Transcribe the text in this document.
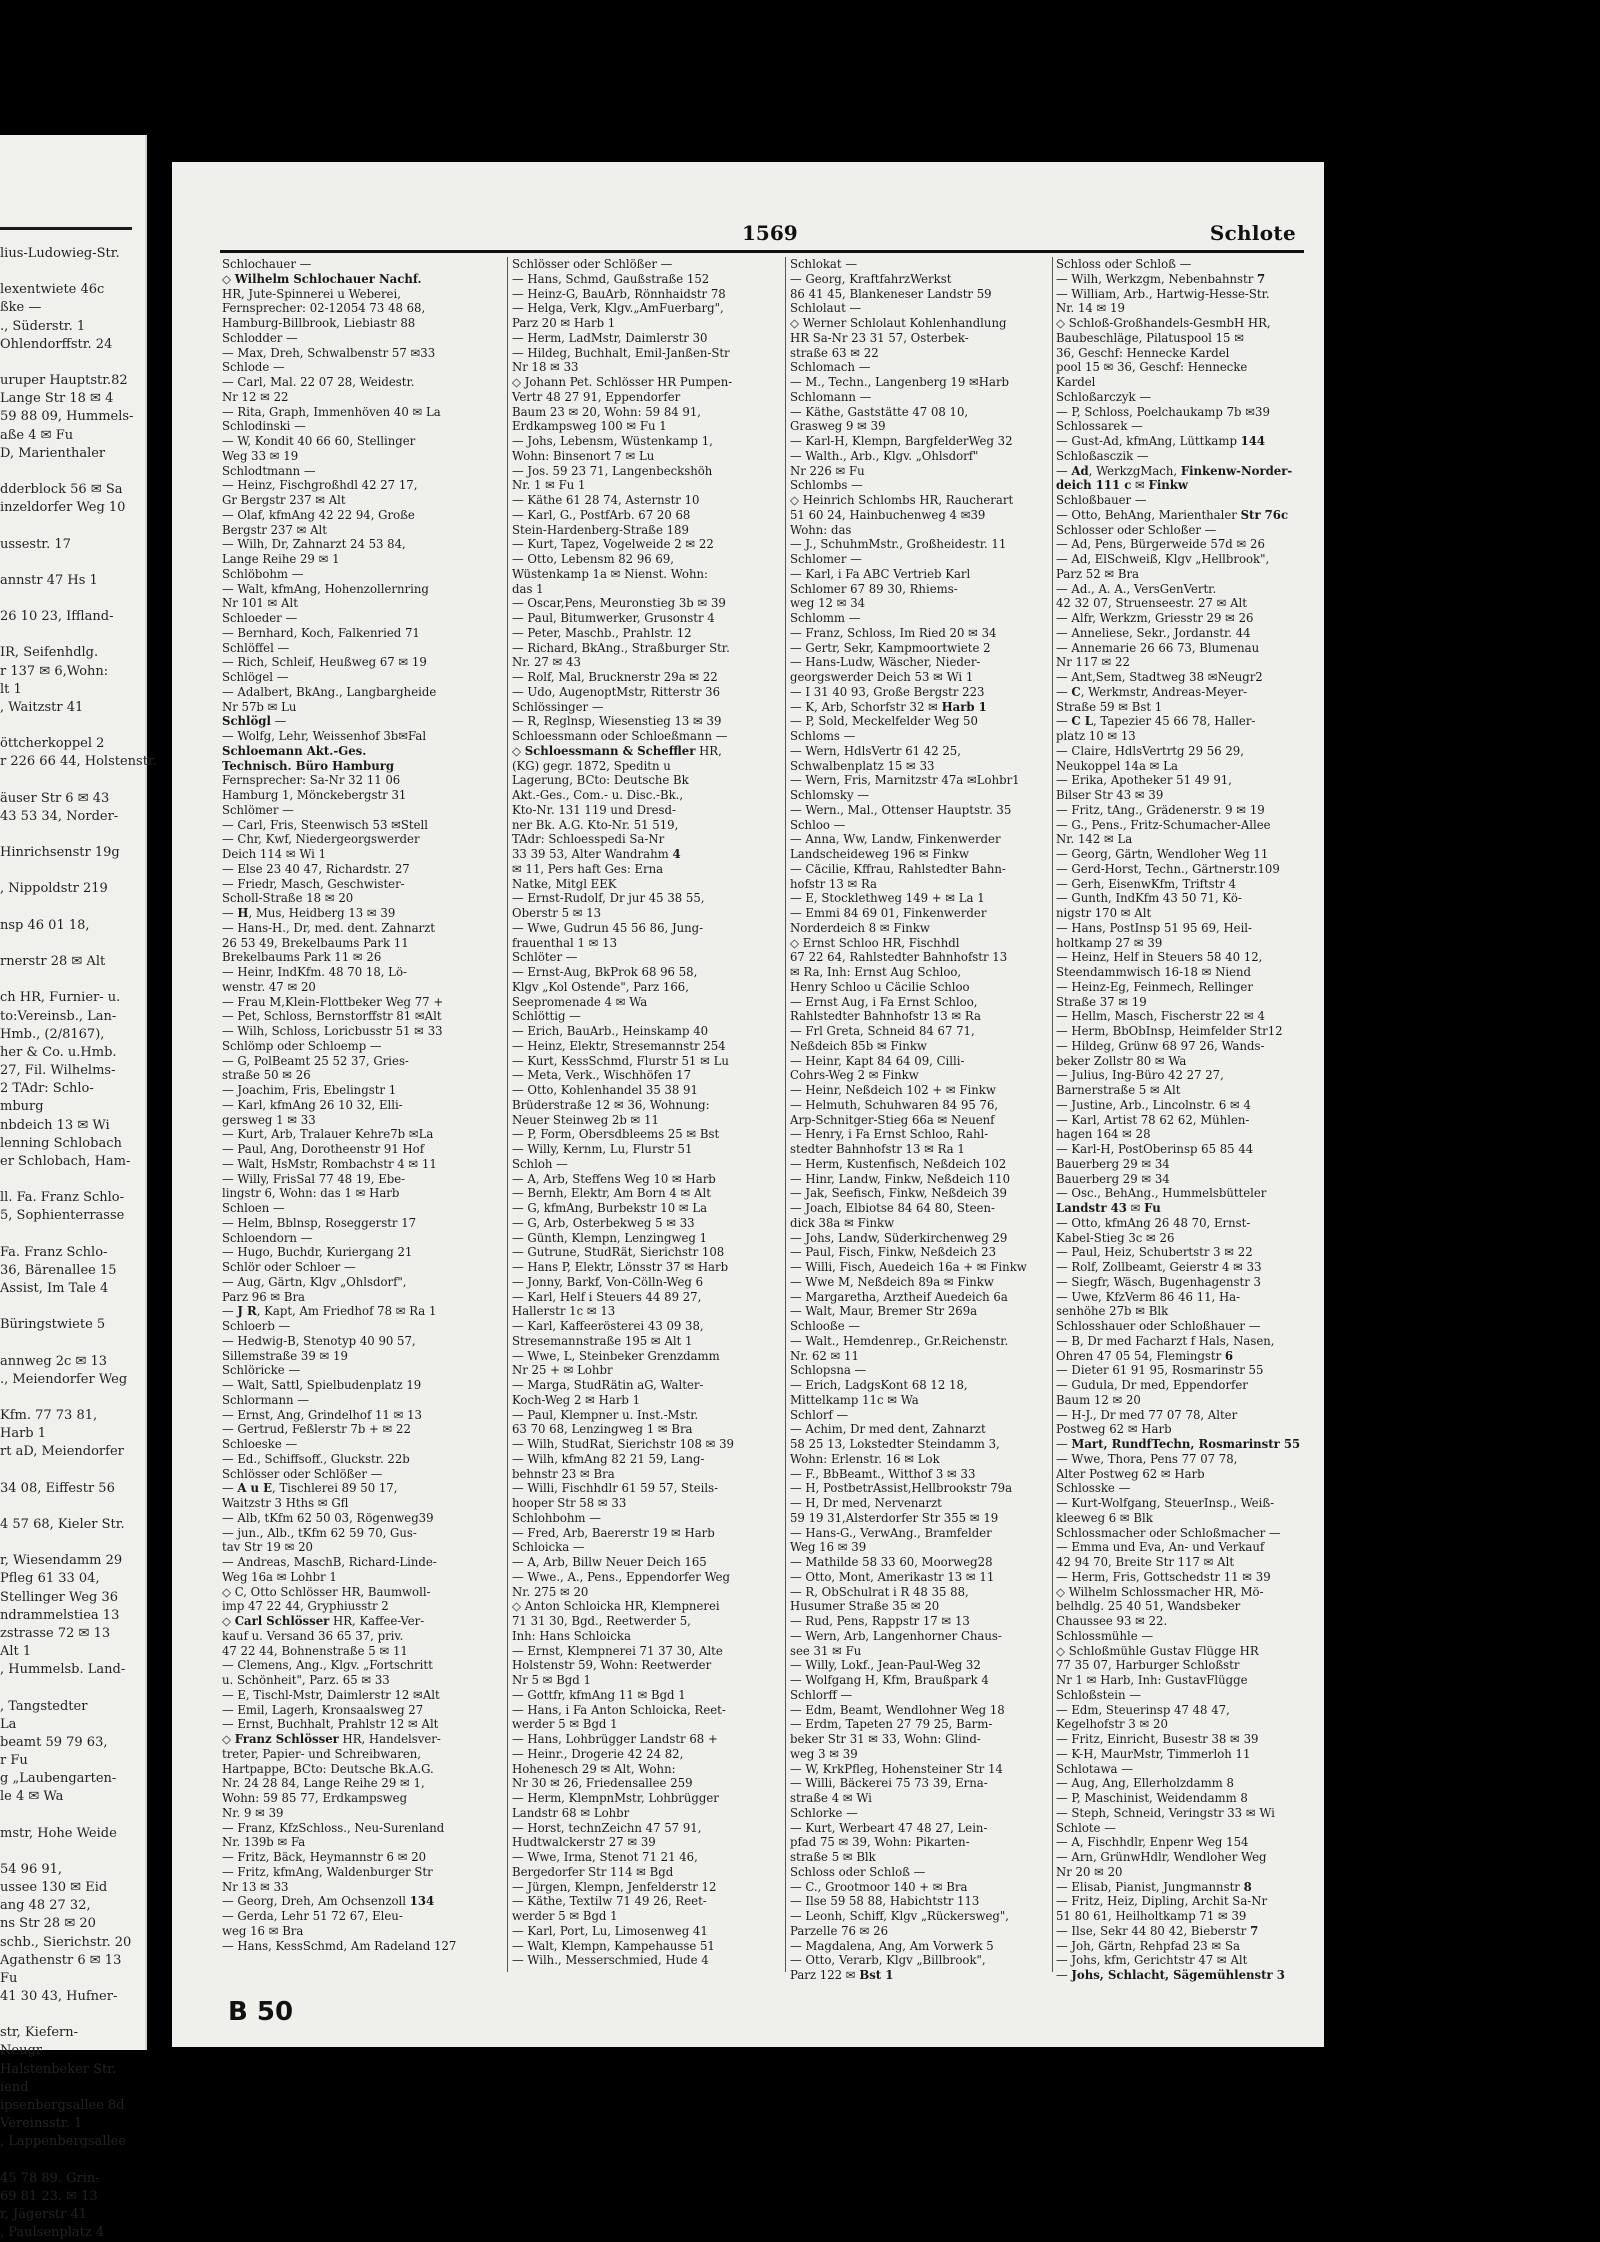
lius-Ludowieg-Str.

lexentwiete 46c
ßke —
., Süderstr. 1
Ohlendorffstr. 24

uruper Hauptstr.82
Lange Str 18 ✉ 4
59 88 09, Hummels-
aße 4 ✉ Fu
D, Marienthaler

dderblock 56 ✉ Sa
inzeldorfer Weg 10

ussestr. 17

annstr 47 Hs 1

26 10 23, Iffland-

IR, Seifenhdlg.
r 137 ✉ 6,Wohn:
lt 1
, Waitzstr 41

öttcherkoppel 2
r 226 66 44, Holstenstr.

äuser Str 6 ✉ 43
43 53 34, Norder-

Hinrichsenstr 19g

, Nippoldstr 219

nsp 46 01 18,

rnerstr 28 ✉ Alt

ch HR, Furnier- u.
to:Vereinsb., Lan-
Hmb., (2/8167),
her & Co. u.Hmb.
27, Fil. Wilhelms-
2 TAdr: Schlo-
mburg
nbdeich 13 ✉ Wi
lenning Schlobach
er Schlobach, Ham-

ll. Fa. Franz Schlo-
5, Sophienterrasse

Fa. Franz Schlo-
36, Bärenallee 15
Assist, Im Tale 4

Büringstwiete 5

annweg 2c ✉ 13
., Meiendorfer Weg

Kfm. 77 73 81,
Harb 1
rt aD, Meiendorfer

34 08, Eiffestr 56

4 57 68, Kieler Str.

r, Wiesendamm 29
Pfleg 61 33 04,
Stellinger Weg 36
ndrammelstiea 13
zstrasse 72 ✉ 13
Alt 1
, Hummelsb. Land-

, Tangstedter
La
beamt 59 79 63,
r Fu
g „Laubengarten-
le 4 ✉ Wa

mstr, Hohe Weide

54 96 91,
ussee 130 ✉ Eid
ang 48 27 32,
ns Str 28 ✉ 20
schb., Sierichstr. 20
Agathenstr 6 ✉ 13
Fu
41 30 43, Hufner-

str, Kiefern-
Neugr
Halstenbeker Str.
iend
ipsenbergsallee 8d
Vereinsstr. 1
, Lappenbergsallee

45 78 89. Grin-
69 81 23. ✉ 13
r, Jägerstr 41
, Paulsenplatz 4
1569	Schlote
Schlochauer —
◇ Wilhelm Schlochauer Nachf.
HR, Jute-Spinnerei u Weberei,
Fernsprecher: 02-12054 73 48 68,
Hamburg-Billbrook, Liebiastr 88
Schlodder —
— Max, Dreh, Schwalbenstr 57 ✉33
Schlode —
— Carl, Mal. 22 07 28, Weidestr.
Nr 12 ✉ 22
— Rita, Graph, Immenhöven 40 ✉ La
Schlodinski —
— W, Kondit 40 66 60, Stellinger
Weg 33 ✉ 19
Schlodtmann —
— Heinz, Fischgroßhdl 42 27 17,
Gr Bergstr 237 ✉ Alt
— Olaf, kfmAng 42 22 94, Große
Bergstr 237 ✉ Alt
— Wilh, Dr, Zahnarzt 24 53 84,
Lange Reihe 29 ✉ 1
Schlöbohm —
— Walt, kfmAng, Hohenzollernring
Nr 101 ✉ Alt
Schloeder —
— Bernhard, Koch, Falkenried 71
Schlöffel —
— Rich, Schleif, Heußweg 67 ✉ 19
Schlögel —
— Adalbert, BkAng., Langbargheide
Nr 57b ✉ Lu
Schlögl —
— Wolfg, Lehr, Weissenhof 3b✉Fal
Schloemann Akt.-Ges.
Technisch. Büro Hamburg
Fernsprecher: Sa-Nr 32 11 06
Hamburg 1, Mönckebergstr 31
Schlömer —
— Carl, Fris, Steenwisch 53 ✉Stell
— Chr, Kwf, Niedergeorgswerder
Deich 114 ✉ Wi 1
— Else 23 40 47, Richardstr. 27
— Friedr, Masch, Geschwister-
Scholl-Straße 18 ✉ 20
— H, Mus, Heidberg 13 ✉ 39
— Hans-H., Dr, med. dent. Zahnarzt
26 53 49, Brekelbaums Park 11
Brekelbaums Park 11 ✉ 26
— Heinr, IndKfm. 48 70 18, Lö-
wenstr. 47 ✉ 20
— Frau M,Klein-Flottbeker Weg 77 +
— Pet, Schloss, Bernstorffstr 81 ✉Alt
— Wilh, Schloss, Loricbusstr 51 ✉ 33
Schlömp oder Schloemp —
— G, PolBeamt 25 52 37, Gries-
straße 50 ✉ 26
— Joachim, Fris, Ebelingstr 1
— Karl, kfmAng 26 10 32, Elli-
gersweg 1 ✉ 33
— Kurt, Arb, Tralauer Kehre7b ✉La
— Paul, Ang, Dorotheenstr 91 Hof
— Walt, HsMstr, Rombachstr 4 ✉ 11
— Willy, FrisSal 77 48 19, Ebe-
lingstr 6, Wohn: das 1 ✉ Harb
Schloen —
— Helm, Bblnsp, Roseggerstr 17
Schloendorn —
— Hugo, Buchdr, Kuriergang 21
Schlör oder Schloer —
— Aug, Gärtn, Klgv „Ohlsdorf",
Parz 96 ✉ Bra
— J R, Kapt, Am Friedhof 78 ✉ Ra 1
Schloerb —
— Hedwig-B, Stenotyp 40 90 57,
Sillemstraße 39 ✉ 19
Schlöricke —
— Walt, Sattl, Spielbudenplatz 19
Schlormann —
— Ernst, Ang, Grindelhof 11 ✉ 13
— Gertrud, Feßlerstr 7b + ✉ 22
Schloeske —
— Ed., Schiffsoff., Gluckstr. 22b
Schlösser oder Schlößer —
— A u E, Tischlerei 89 50 17,
Waitzstr 3 Hths ✉ Gfl
— Alb, tKfm 62 50 03, Rögenweg39
— jun., Alb., tKfm 62 59 70, Gus-
tav Str 19 ✉ 20
— Andreas, MaschB, Richard-Linde-
Weg 16a ✉ Lohbr 1
◇ C, Otto Schlösser HR, Baumwoll-
imp 47 22 44, Gryphiusstr 2
◇ Carl Schlösser HR, Kaffee-Ver-
kauf u. Versand 36 65 37, priv.
47 22 44, Bohnenstraße 5 ✉ 11
— Clemens, Ang., Klgv. „Fortschritt
u. Schönheit", Parz. 65 ✉ 33
— E, Tischl-Mstr, Daimlerstr 12 ✉Alt
— Emil, Lagerh, Kronsaalsweg 27
— Ernst, Buchhalt, Prahlstr 12 ✉ Alt
◇ Franz Schlösser HR, Handelsver-
treter, Papier- und Schreibwaren,
Hartpappe, BCto: Deutsche Bk.A.G.
Nr. 24 28 84, Lange Reihe 29 ✉ 1,
Wohn: 59 85 77, Erdkampsweg
Nr. 9 ✉ 39
— Franz, KfzSchloss., Neu-Surenland
Nr. 139b ✉ Fa
— Fritz, Bäck, Heymannstr 6 ✉ 20
— Fritz, kfmAng, Waldenburger Str
Nr 13 ✉ 33
— Georg, Dreh, Am Ochsenzoll 134
— Gerda, Lehr 51 72 67, Eleu-
weg 16 ✉ Bra
— Hans, KessSchmd, Am Radeland 127
Schlösser oder Schlößer —
— Hans, Schmd, Gaußstraße 152
— Heinz-G, BauArb, Rönnhaidstr 78
— Helga, Verk, Klgv.„AmFuerbarg",
Parz 20 ✉ Harb 1
— Herm, LadMstr, Daimlerstr 30
— Hildeg, Buchhalt, Emil-Janßen-Str
Nr 18 ✉ 33
◇ Johann Pet. Schlösser HR Pumpen-
Vertr 48 27 91, Eppendorfer
Baum 23 ✉ 20, Wohn: 59 84 91,
Erdkampsweg 100 ✉ Fu 1
— Johs, Lebensm, Wüstenkamp 1,
Wohn: Binsenort 7 ✉ Lu
— Jos. 59 23 71, Langenbeckshöh
Nr. 1 ✉ Fu 1
— Käthe 61 28 74, Asternstr 10
— Karl, G., PostfArb. 67 20 68
Stein-Hardenberg-Straße 189
— Kurt, Tapez, Vogelweide 2 ✉ 22
— Otto, Lebensm 82 96 69,
Wüstenkamp 1a ✉ Nienst. Wohn:
das 1
— Oscar,Pens, Meuronstieg 3b ✉ 39
— Paul, Bitumwerker, Grusonstr 4
— Peter, Maschb., Prahlstr. 12
— Richard, BkAng., Straßburger Str.
Nr. 27 ✉ 43
— Rolf, Mal, Brucknerstr 29a ✉ 22
— Udo, AugenoptMstr, Ritterstr 36
Schlössinger —
— R, Reglnsp, Wiesenstieg 13 ✉ 39
Schloessmann oder Schloeßmann —
◇ Schloessmann & Scheffler HR,
(KG) gegr. 1872, Speditn u
Lagerung, BCto: Deutsche Bk
Akt.-Ges., Com.- u. Disc.-Bk.,
Kto-Nr. 131 119 und Dresd-
ner Bk. A.G. Kto-Nr. 51 519,
TAdr: Schloesspedi Sa-Nr
33 39 53, Alter Wandrahm 4
✉ 11, Pers haft Ges: Erna
Natke, Mitgl EEK
— Ernst-Rudolf, Dr jur 45 38 55,
Oberstr 5 ✉ 13
— Wwe, Gudrun 45 56 86, Jung-
frauenthal 1 ✉ 13
Schlöter —
— Ernst-Aug, BkProk 68 96 58,
Klgv „Kol Ostende", Parz 166,
Seepromenade 4 ✉ Wa
Schlöttig —
— Erich, BauArb., Heinskamp 40
— Heinz, Elektr, Stresemannstr 254
— Kurt, KessSchmd, Flurstr 51 ✉ Lu
— Meta, Verk., Wischhöfen 17
— Otto, Kohlenhandel 35 38 91
Brüderstraße 12 ✉ 36, Wohnung:
Neuer Steinweg 2b ✉ 11
— P, Form, Obersdbleems 25 ✉ Bst
— Willy, Kernm, Lu, Flurstr 51
Schloh —
— A, Arb, Steffens Weg 10 ✉ Harb
— Bernh, Elektr, Am Born 4 ✉ Alt
— G, kfmAng, Burbekstr 10 ✉ La
— G, Arb, Osterbekweg 5 ✉ 33
— Günth, Klempn, Lenzingweg 1
— Gutrune, StudRät, Sierichstr 108
— Hans P, Elektr, Lönsstr 37 ✉ Harb
— Jonny, Barkf, Von-Cölln-Weg 6
— Karl, Helf i Steuers 44 89 27,
Hallerstr 1c ✉ 13
— Karl, Kaffeerösterei 43 09 38,
Stresemannstraße 195 ✉ Alt 1
— Wwe, L, Steinbeker Grenzdamm
Nr 25 + ✉ Lohbr
— Marga, StudRätin aG, Walter-
Koch-Weg 2 ✉ Harb 1
— Paul, Klempner u. Inst.-Mstr.
63 70 68, Lenzingweg 1 ✉ Bra
— Wilh, StudRat, Sierichstr 108 ✉ 39
— Wilh, kfmAng 82 21 59, Lang-
behnstr 23 ✉ Bra
— Willi, Fischhdlr 61 59 57, Steils-
hooper Str 58 ✉ 33
Schlohbohm —
— Fred, Arb, Baererstr 19 ✉ Harb
Schloicka —
— A, Arb, Billw Neuer Deich 165
— Wwe., A., Pens., Eppendorfer Weg
Nr. 275 ✉ 20
◇ Anton Schloicka HR, Klempnerei
71 31 30, Bgd., Reetwerder 5,
Inh: Hans Schloicka
— Ernst, Klempnerei 71 37 30, Alte
Holstenstr 59, Wohn: Reetwerder
Nr 5 ✉ Bgd 1
— Gottfr, kfmAng 11 ✉ Bgd 1
— Hans, i Fa Anton Schloicka, Reet-
werder 5 ✉ Bgd 1
— Hans, Lohbrügger Landstr 68 +
— Heinr., Drogerie 42 24 82,
Hohenesch 29 ✉ Alt, Wohn:
Nr 30 ✉ 26, Friedensallee 259
— Herm, KlempnMstr, Lohbrügger
Landstr 68 ✉ Lohbr
— Horst, technZeichn 47 57 91,
Hudtwalckerstr 27 ✉ 39
— Wwe, Irma, Stenot 71 21 46,
Bergedorfer Str 114 ✉ Bgd
— Jürgen, Klempn, Jenfelderstr 12
— Käthe, Textilw 71 49 26, Reet-
werder 5 ✉ Bgd 1
— Karl, Port, Lu, Limosenweg 41
— Walt, Klempn, Kampehausse 51
— Wilh., Messerschmied, Hude 4
Schlokat —
— Georg, KraftfahrzWerkst
86 41 45, Blankeneser Landstr 59
Schlolaut —
◇ Werner Schlolaut Kohlenhandlung
HR Sa-Nr 23 31 57, Osterbek-
straße 63 ✉ 22
Schlomach —
— M., Techn., Langenberg 19 ✉Harb
Schlomann —
— Käthe, Gaststätte 47 08 10,
Grasweg 9 ✉ 39
— Karl-H, Klempn, BargfelderWeg 32
— Walth., Arb., Klgv. „Ohlsdorf"
Nr 226 ✉ Fu
Schlombs —
◇ Heinrich Schlombs HR, Raucherart
51 60 24, Hainbuchenweg 4 ✉39
Wohn: das
— J., SchuhmMstr., Großheidestr. 11
Schlomer —
— Karl, i Fa ABC Vertrieb Karl
Schlomer 67 89 30, Rhiems-
weg 12 ✉ 34
Schlomm —
— Franz, Schloss, Im Ried 20 ✉ 34
— Gertr, Sekr, Kampmoortwiete 2
— Hans-Ludw, Wäscher, Nieder-
georgswerder Deich 53 ✉ Wi 1
— I 31 40 93, Große Bergstr 223
— K, Arb, Schorfstr 32 ✉ Harb 1
— P, Sold, Meckelfelder Weg 50
Schloms —
— Wern, HdlsVertr 61 42 25,
Schwalbenplatz 15 ✉ 33
— Wern, Fris, Marnitzstr 47a ✉Lohbr1
Schlomsky —
— Wern., Mal., Ottenser Hauptstr. 35
Schloo —
— Anna, Ww, Landw, Finkenwerder
Landscheideweg 196 ✉ Finkw
— Cäcilie, Kffrau, Rahlstedter Bahn-
hofstr 13 ✉ Ra
— E, Stocklethweg 149 + ✉ La 1
— Emmi 84 69 01, Finkenwerder
Norderdeich 8 ✉ Finkw
◇ Ernst Schloo HR, Fischhdl
67 22 64, Rahlstedter Bahnhofstr 13
✉ Ra, Inh: Ernst Aug Schloo,
Henry Schloo u Cäcilie Schloo
— Ernst Aug, i Fa Ernst Schloo,
Rahlstedter Bahnhofstr 13 ✉ Ra
— Frl Greta, Schneid 84 67 71,
Neßdeich 85b ✉ Finkw
— Heinr, Kapt 84 64 09, Cilli-
Cohrs-Weg 2 ✉ Finkw
— Heinr, Neßdeich 102 + ✉ Finkw
— Helmuth, Schuhwaren 84 95 76,
Arp-Schnitger-Stieg 66a ✉ Neuenf
— Henry, i Fa Ernst Schloo, Rahl-
stedter Bahnhofstr 13 ✉ Ra 1
— Herm, Kustenfisch, Neßdeich 102
— Hinr, Landw, Finkw, Neßdeich 110
— Jak, Seefisch, Finkw, Neßdeich 39
— Joach, Elbiotse 84 64 80, Steen-
dick 38a ✉ Finkw
— Johs, Landw, Süderkirchenweg 29
— Paul, Fisch, Finkw, Neßdeich 23
— Willi, Fisch, Auedeich 16a + ✉ Finkw
— Wwe M, Neßdeich 89a ✉ Finkw
— Margaretha, Arztheif Auedeich 6a
— Walt, Maur, Bremer Str 269a
Schlooße —
— Walt., Hemdenrep., Gr.Reichenstr.
Nr. 62 ✉ 11
Schlopsna —
— Erich, LadgsKont 68 12 18,
Mittelkamp 11c ✉ Wa
Schlorf —
— Achim, Dr med dent, Zahnarzt
58 25 13, Lokstedter Steindamm 3,
Wohn: Erlenstr. 16 ✉ Lok
— F., BbBeamt., Witthof 3 ✉ 33
— H, PostbetrAssist,Hellbrookstr 79a
— H, Dr med, Nervenarzt
59 19 31,Alsterdorfer Str 355 ✉ 19
— Hans-G., VerwAng., Bramfelder
Weg 16 ✉ 39
— Mathilde 58 33 60, Moorweg28
— Otto, Mont, Amerikastr 13 ✉ 11
— R, ObSchulrat i R 48 35 88,
Husumer Straße 35 ✉ 20
— Rud, Pens, Rappstr 17 ✉ 13
— Wern, Arb, Langenhorner Chaus-
see 31 ✉ Fu
— Willy, Lokf., Jean-Paul-Weg 32
— Wolfgang H, Kfm, Braußpark 4
Schlorff —
— Edm, Beamt, Wendlohner Weg 18
— Erdm, Tapeten 27 79 25, Barm-
beker Str 31 ✉ 33, Wohn: Glind-
weg 3 ✉ 39
— W, KrkPfleg, Hohensteiner Str 14
— Willi, Bäckerei 75 73 39, Erna-
straße 4 ✉ Wi
Schlorke —
— Kurt, Werbeart 47 48 27, Lein-
pfad 75 ✉ 39, Wohn: Pikarten-
straße 5 ✉ Blk
Schloss oder Schloß —
— C., Grootmoor 140 + ✉ Bra
— Ilse 59 58 88, Habichtstr 113
— Leonh, Schiff, Klgv „Rückersweg",
Parzelle 76 ✉ 26
— Magdalena, Ang, Am Vorwerk 5
— Otto, Verarb, Klgv „Billbrook",
Parz 122 ✉ Bst 1
Schloss oder Schloß —
— Wilh, Werkzgm, Nebenbahnstr 7
— William, Arb., Hartwig-Hesse-Str.
Nr. 14 ✉ 19
◇ Schloß-Großhandels-GesmbH HR,
Baubeschläge, Pilatuspool 15 ✉
36, Geschf: Hennecke Kardel
pool 15 ✉ 36, Geschf: Hennecke
Kardel
Schloßarczyk —
— P, Schloss, Poelchaukamp 7b ✉39
Schlossarek —
— Gust-Ad, kfmAng, Lüttkamp 144
Schloßasczik —
— Ad, WerkzgMach, Finkenw-Norder-
deich 111 c ✉ Finkw
Schloßbauer —
— Otto, BehAng, Marienthaler Str 76c
Schlosser oder Schloßer —
— Ad, Pens, Bürgerweide 57d ✉ 26
— Ad, ElSchweiß, Klgv „Hellbrook",
Parz 52 ✉ Bra
— Ad., A. A., VersGenVertr.
42 32 07, Struenseestr. 27 ✉ Alt
— Alfr, Werkzm, Griesstr 29 ✉ 26
— Anneliese, Sekr., Jordanstr. 44
— Annemarie 26 66 73, Blumenau
Nr 117 ✉ 22
— Ant,Sem, Stadtweg 38 ✉Neugr2
— C, Werkmstr, Andreas-Meyer-
Straße 59 ✉ Bst 1
— C L, Tapezier 45 66 78, Haller-
platz 10 ✉ 13
— Claire, HdlsVertrtg 29 56 29,
Neukoppel 14a ✉ La
— Erika, Apotheker 51 49 91,
Bilser Str 43 ✉ 39
— Fritz, tAng., Grädenerstr. 9 ✉ 19
— G., Pens., Fritz-Schumacher-Allee
Nr. 142 ✉ La
— Georg, Gärtn, Wendloher Weg 11
— Gerd-Horst, Techn., Gärtnerstr.109
— Gerh, EisenwKfm, Triftstr 4
— Gunth, IndKfm 43 50 71, Kö-
nigstr 170 ✉ Alt
— Hans, PostInsp 51 95 69, Heil-
holtkamp 27 ✉ 39
— Heinz, Helf in Steuers 58 40 12,
Steendammwisch 16-18 ✉ Niend
— Heinz-Eg, Feinmech, Rellinger
Straße 37 ✉ 19
— Hellm, Masch, Fischerstr 22 ✉ 4
— Herm, BbObInsp, Heimfelder Str12
— Hildeg, Grünw 68 97 26, Wands-
beker Zollstr 80 ✉ Wa
— Julius, Ing-Büro 42 27 27,
Barnerstraße 5 ✉ Alt
— Justine, Arb., Lincolnstr. 6 ✉ 4
— Karl, Artist 78 62 62, Mühlen-
hagen 164 ✉ 28
— Karl-H, PostOberinsp 65 85 44
Bauerberg 29 ✉ 34
Bauerberg 29 ✉ 34
— Osc., BehAng., Hummelsbütteler
Landstr 43 ✉ Fu
— Otto, kfmAng 26 48 70, Ernst-
Kabel-Stieg 3c ✉ 26
— Paul, Heiz, Schubertstr 3 ✉ 22
— Rolf, Zollbeamt, Geierstr 4 ✉ 33
— Siegfr, Wäsch, Bugenhagenstr 3
— Uwe, KfzVerm 86 46 11, Ha-
senhöhe 27b ✉ Blk
Schlosshauer oder Schloßhauer —
— B, Dr med Facharzt f Hals, Nasen,
Ohren 47 05 54, Flemingstr 6
— Dieter 61 91 95, Rosmarinstr 55
— Gudula, Dr med, Eppendorfer
Baum 12 ✉ 20
— H-J., Dr med 77 07 78, Alter
Postweg 62 ✉ Harb
— Mart, RundfTechn, Rosmarinstr 55
— Wwe, Thora, Pens 77 07 78,
Alter Postweg 62 ✉ Harb
Schlosske —
— Kurt-Wolfgang, SteuerInsp., Weiß-
kleeweg 6 ✉ Blk
Schlossmacher oder Schloßmacher —
— Emma und Eva, An- und Verkauf
42 94 70, Breite Str 117 ✉ Alt
— Herm, Fris, Gottschedstr 11 ✉ 39
◇ Wilhelm Schlossmacher HR, Mö-
belhdlg. 25 40 51, Wandsbeker
Chaussee 93 ✉ 22.
Schlossmühle —
◇ Schloßmühle Gustav Flügge HR
77 35 07, Harburger Schloßstr
Nr 1 ✉ Harb, Inh: GustavFlügge
Schloßstein —
— Edm, Steuerinsp 47 48 47,
Kegelhofstr 3 ✉ 20
— Fritz, Einricht, Busestr 38 ✉ 39
— K-H, MaurMstr, Timmerloh 11
Schlotawa —
— Aug, Ang, Ellerholzdamm 8
— P, Maschinist, Weidendamm 8
— Steph, Schneid, Veringstr 33 ✉ Wi
Schlote —
— A, Fischhdlr, Enpenr Weg 154
— Arn, GrünwHdlr, Wendloher Weg
Nr 20 ✉ 20
— Elisab, Pianist, Jungmannstr 8
— Fritz, Heiz, Dipling, Archit Sa-Nr
51 80 61, Heilholtkamp 71 ✉ 39
— Ilse, Sekr 44 80 42, Bieberstr 7
— Joh, Gärtn, Rehpfad 23 ✉ Sa
— Johs, kfm, Gerichtstr 47 ✉ Alt
— Johs, Schlacht, Sägemühlenstr 3
B 50
